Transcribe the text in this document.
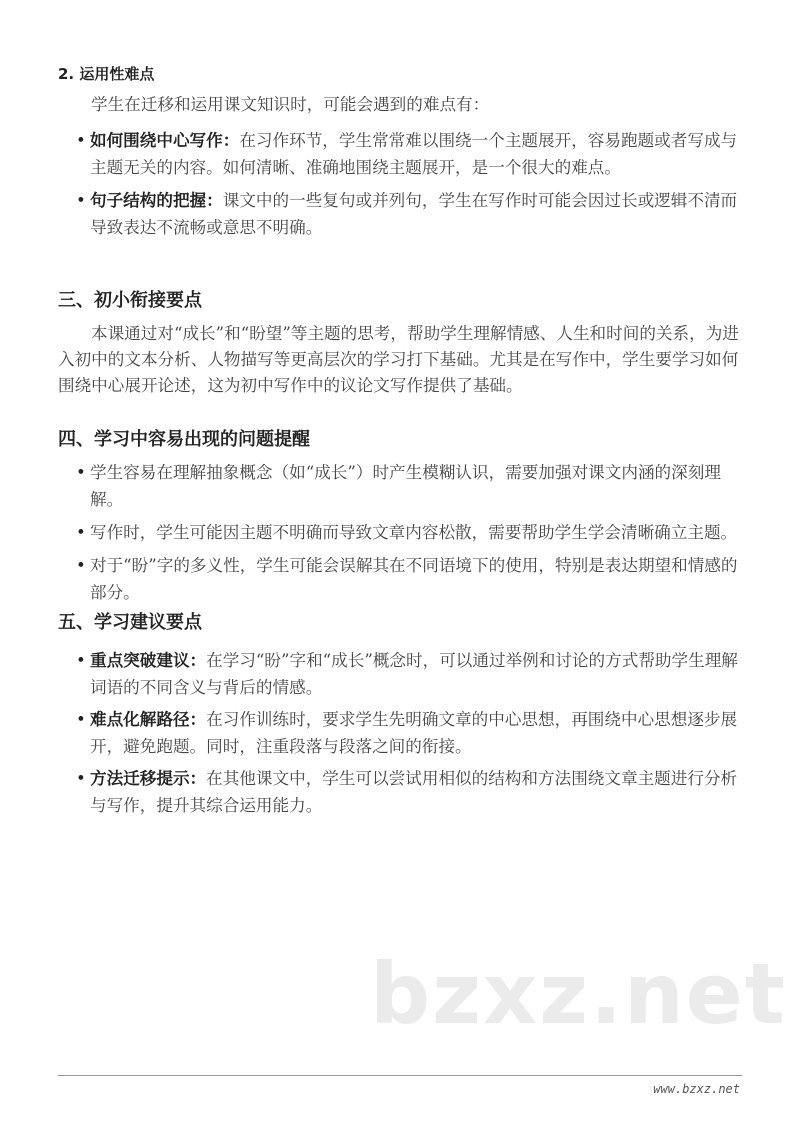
2. 运用性难点
学生在迁移和运用课文知识时，可能会遇到的难点有：
• 如何围绕中心写作：在习作环节，学生常常难以围绕一个主题展开，容易跑题或者写成与主题无关的内容。如何清晰、准确地围绕主题展开，是一个很大的难点。
• 句子结构的把握：课文中的一些复句或并列句，学生在写作时可能会因过长或逻辑不清而导致表达不流畅或意思不明确。
三、初小衔接要点
本课通过对“成长”和“盼望”等主题的思考，帮助学生理解情感、人生和时间的关系，为进入初中的文本分析、人物描写等更高层次的学习打下基础。尤其是在写作中，学生要学习如何围绕中心展开论述，这为初中写作中的议论文写作提供了基础。
四、学习中容易出现的问题提醒
• 学生容易在理解抽象概念（如“成长”）时产生模糊认识，需要加强对课文内涵的深刻理解。
• 写作时，学生可能因主题不明确而导致文章内容松散，需要帮助学生学会清晰确立主题。
• 对于“盼”字的多义性，学生可能会误解其在不同语境下的使用，特别是表达期望和情感的部分。
五、学习建议要点
• 重点突破建议：在学习“盼”字和“成长”概念时，可以通过举例和讨论的方式帮助学生理解词语的不同含义与背后的情感。
• 难点化解路径：在习作训练时，要求学生先明确文章的中心思想，再围绕中心思想逐步展开，避免跑题。同时，注重段落与段落之间的衔接。
• 方法迁移提示：在其他课文中，学生可以尝试用相似的结构和方法围绕文章主题进行分析与写作，提升其综合运用能力。
bzxz.net
www.bzxz.net
